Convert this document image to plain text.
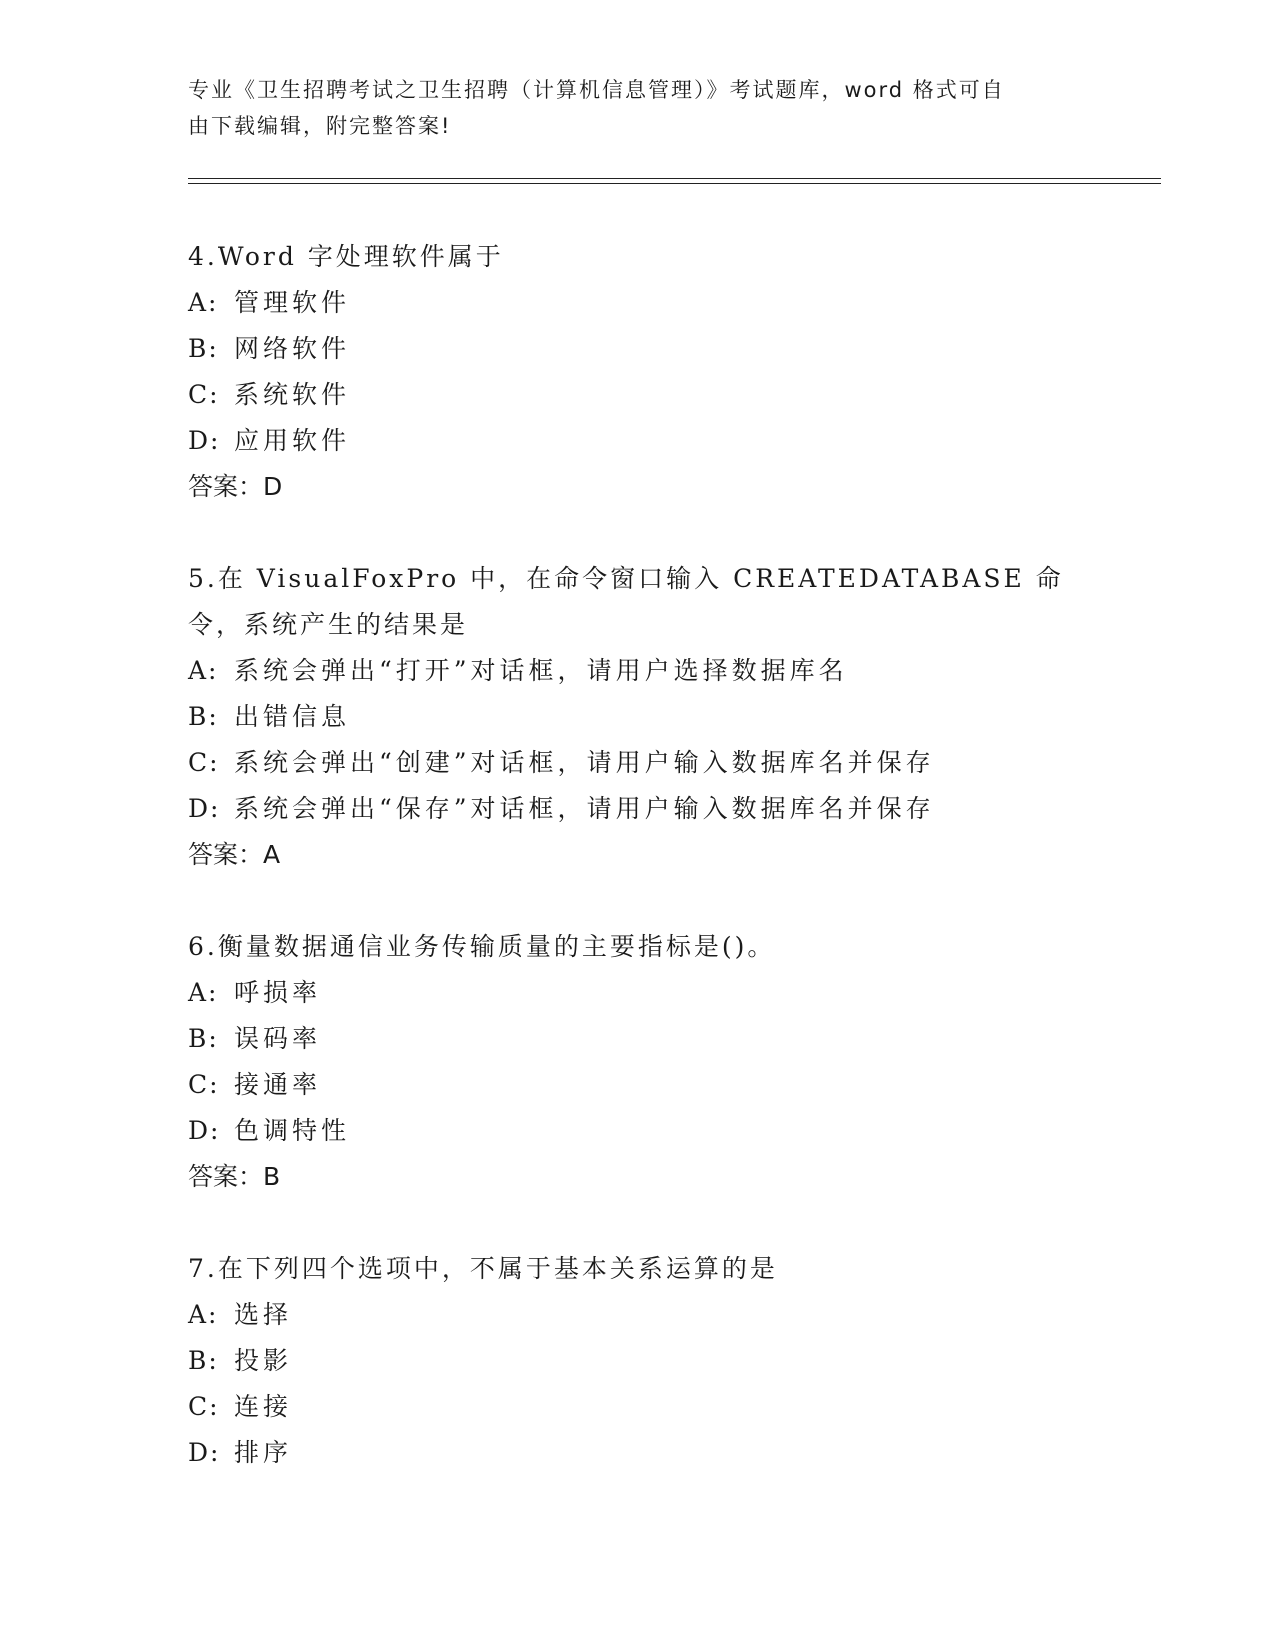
专业《卫生招聘考试之卫生招聘（计算机信息管理）》考试题库，word 格式可自
由下载编辑，附完整答案!

4.Word 字处理软件属于

A: 管理软件
B: 网络软件
C: 系统软件
D: 应用软件

答案：D

5.在 VisualFoxPro 中，在命令窗口输入 CREATEDATABASE 命令，系统产生的结果是

A: 系统会弹出“打开”对话框，请用户选择数据库名
B: 出错信息
C: 系统会弹出“创建”对话框，请用户输入数据库名并保存
D: 系统会弹出“保存”对话框，请用户输入数据库名并保存

答案：A

6.衡量数据通信业务传输质量的主要指标是()。

A: 呼损率
B: 误码率
C: 接通率
D: 色调特性

答案：B

7.在下列四个选项中，不属于基本关系运算的是

A: 选择
B: 投影
C: 连接
D: 排序
